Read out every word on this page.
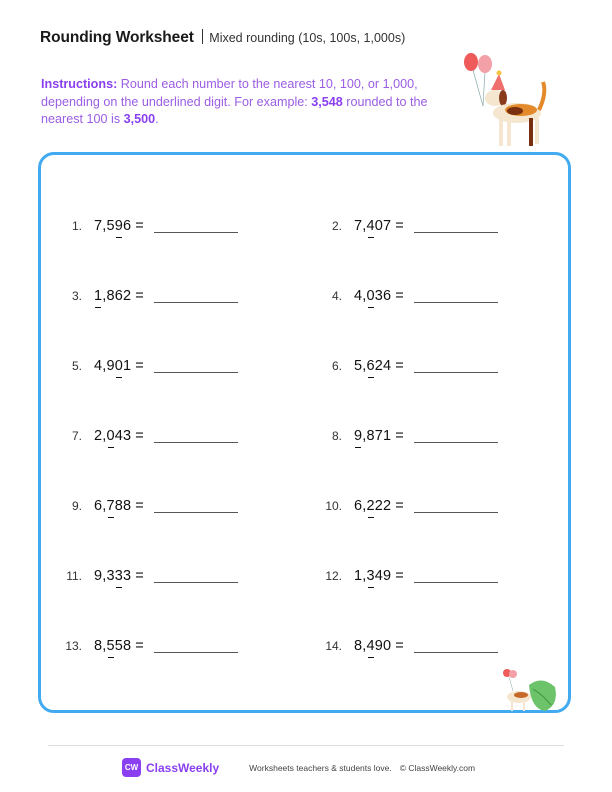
Rounding Worksheet Mixed rounding (10s, 100s, 1,000s)
Instructions: Round each number to the nearest 10, 100, or 1,000, depending on the underlined digit. For example: 3,548 rounded to the nearest 100 is 3,500.
1. 7,596 =	2. 7,407 =
3. 1,862 =	4. 4,036 =
5. 4,901 =	6. 5,624 =
7. 2,043 =	8. 9,871 =
9. 6,788 =	10. 6,222 =
11. 9,333 =	12. 1,349 =
13. 8,558 =	14. 8,490 =
CW ClassWeekly	Worksheets teachers & students love. © ClassWeekly.com
